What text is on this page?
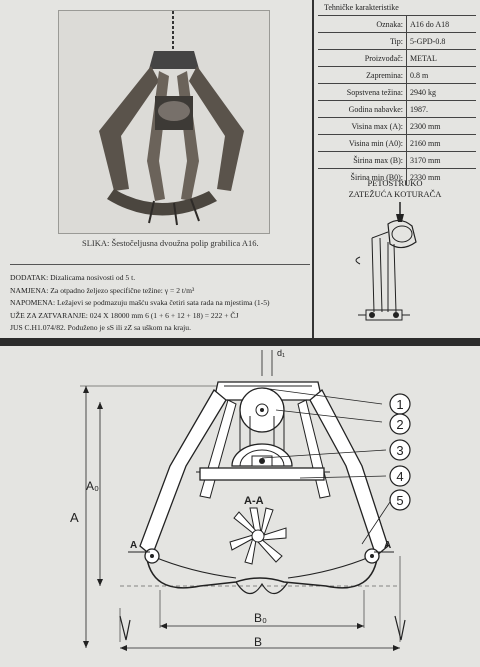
SLIKA: Šestočeljusna dvoužna polip grabilica A16.
Tehničke karakteristike
Oznaka:	A16 do A18
Tip:	5-GPD-0.8
Proizvođač:	METAL
Zapremina:	0.8 m
Sopstvena težina:	2940 kg
Godina nabavke:	1987.
Visina max (A):	2300 mm
Visina min (A0):	2160 mm
Širina max (B):	3170 mm
Širina min (B0):	2330 mm
PETOSTRUKO
ZATEŽUĆA KOTURAČA
DODATAK: Dizalicama nosivosti od 5 t.
NAMJENA: Za otpadno željezo specifične težine: γ = 2 t/m³
NAPOMENA: Ležajevi se podmazuju mašću svaka četiri sata rada na mjestima (1-5)
UŽE ZA ZATVARANJE: 024 X 18000 mm 6 (1 + 6 + 12 + 18) = 222 + ČJ
JUS C.H1.074/82. Poduženo je sS ili zZ sa uškom na kraju.
A
A₀
d₁
A-A
A	A
B₀
B
1
2
3
4
5
